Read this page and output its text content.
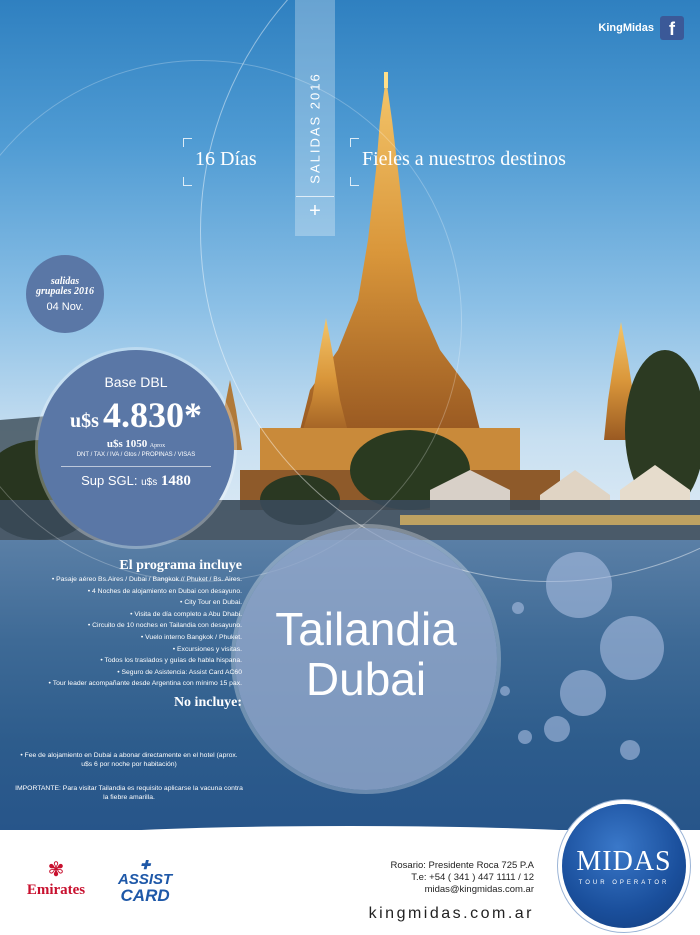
KingMidas f
SALIDAS 2016
+
16 Días	Fieles a nuestros destinos
salidas
grupales 2016
04 Nov.
Base DBL
u$s 4.830*
u$s 1050 Aprox
DNT / TAX / IVA / Gtos / PROPINAS / VISAS
Sup SGL: u$s 1480
Tailandia
Dubai
El programa incluye
• Pasaje aéreo Bs.Aires / Dubai / Bangkok // Phuket / Bs. Aires.
• 4 Noches de alojamiento en Dubai con desayuno.
• City Tour en Dubai.
• Visita de día completo a Abu Dhabi.
• Circuito de 10 noches en Tailandia con desayuno.
• Vuelo interno Bangkok / Phuket.
• Excursiones y visitas.
• Todos los traslados y guías de habla hispana.
• Seguro de Asistencia: Assist Card AC60
• Tour leader acompañante desde Argentina con mínimo 15 pax.
No incluye:
• Fee de alojamiento en Dubai a abonar directamente en el hotel (aprox. u$s 6 por noche por habitación)
IMPORTANTE: Para visitar Tailandia es requisito aplicarse la vacuna contra la fiebre amarilla.
✾
Emirates
✚
ASSIST
CARD
Rosario: Presidente Roca 725 P.A
T.e: +54 ( 341 ) 447 1111 / 12
midas@kingmidas.com.ar
kingmidas.com.ar
MIDAS
TOUR OPERATOR
